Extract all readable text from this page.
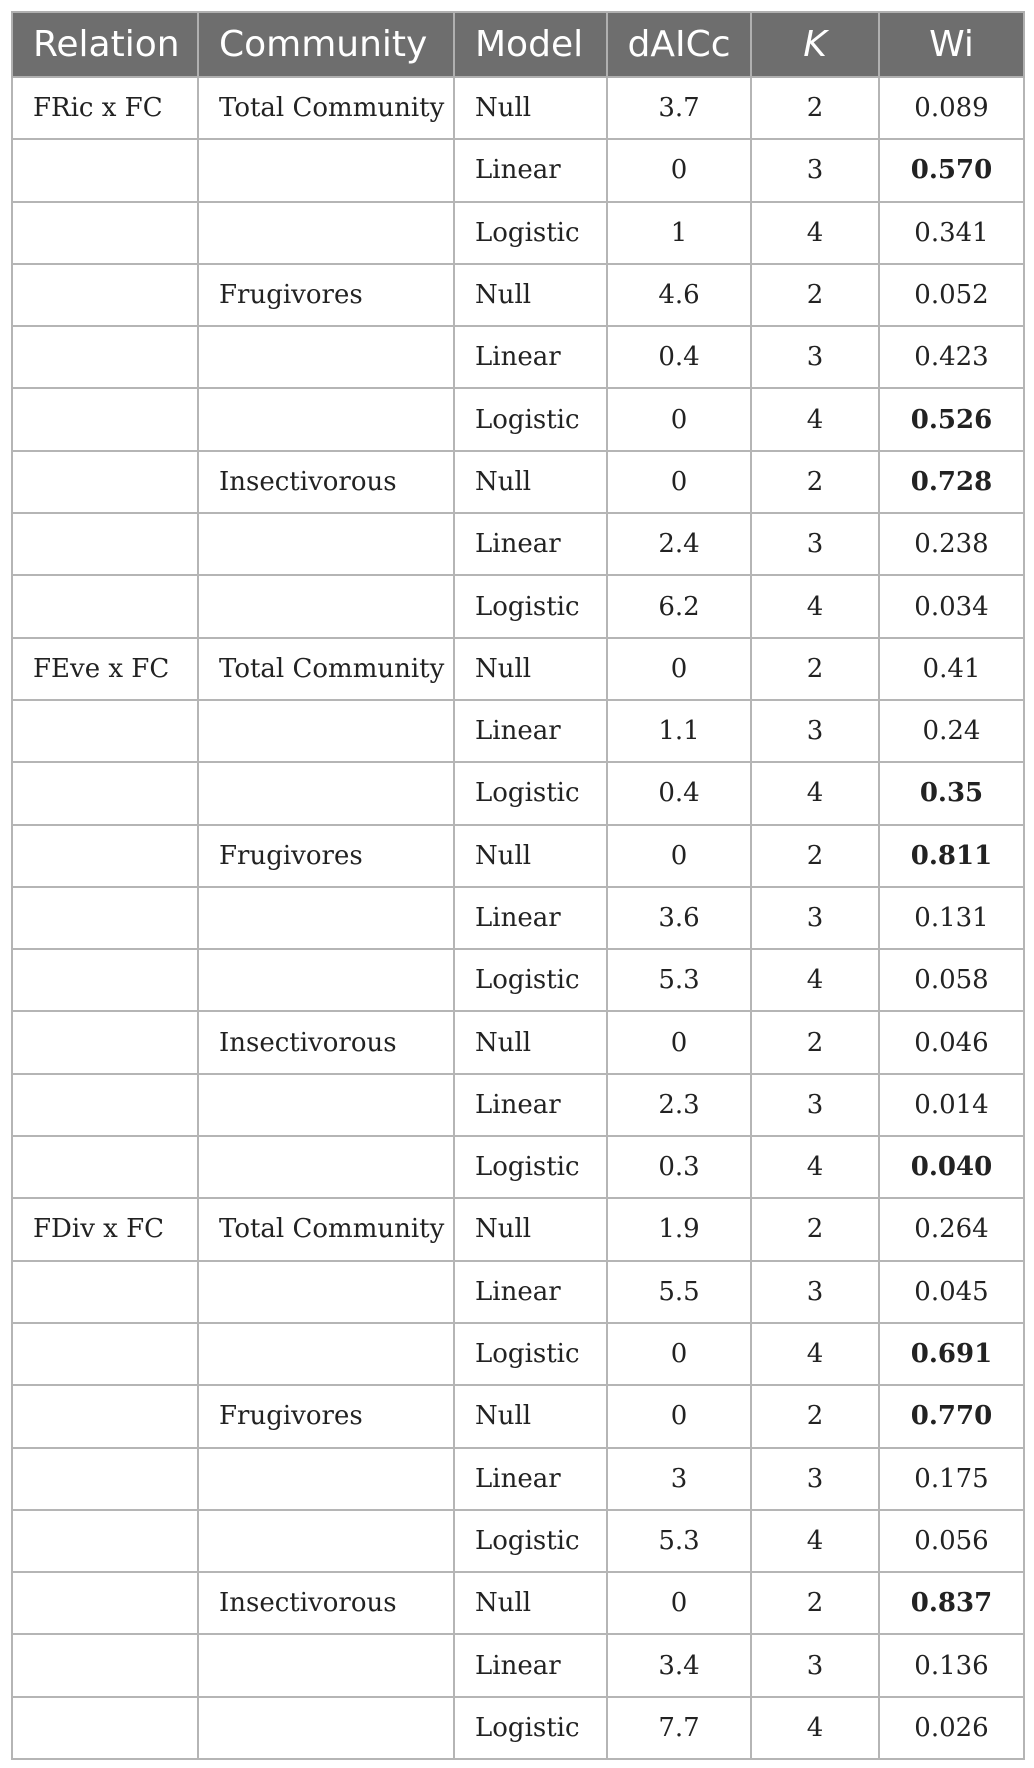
Relation	Community	Model	dAICc	K	Wi
FRic x FC	Total Community	Null	3.7	2	0.089
		Linear	0	3	0.570
		Logistic	1	4	0.341
	Frugivores	Null	4.6	2	0.052
		Linear	0.4	3	0.423
		Logistic	0	4	0.526
	Insectivorous	Null	0	2	0.728
		Linear	2.4	3	0.238
		Logistic	6.2	4	0.034
FEve x FC	Total Community	Null	0	2	0.41
		Linear	1.1	3	0.24
		Logistic	0.4	4	0.35
	Frugivores	Null	0	2	0.811
		Linear	3.6	3	0.131
		Logistic	5.3	4	0.058
	Insectivorous	Null	0	2	0.046
		Linear	2.3	3	0.014
		Logistic	0.3	4	0.040
FDiv x FC	Total Community	Null	1.9	2	0.264
		Linear	5.5	3	0.045
		Logistic	0	4	0.691
	Frugivores	Null	0	2	0.770
		Linear	3	3	0.175
		Logistic	5.3	4	0.056
	Insectivorous	Null	0	2	0.837
		Linear	3.4	3	0.136
		Logistic	7.7	4	0.026
